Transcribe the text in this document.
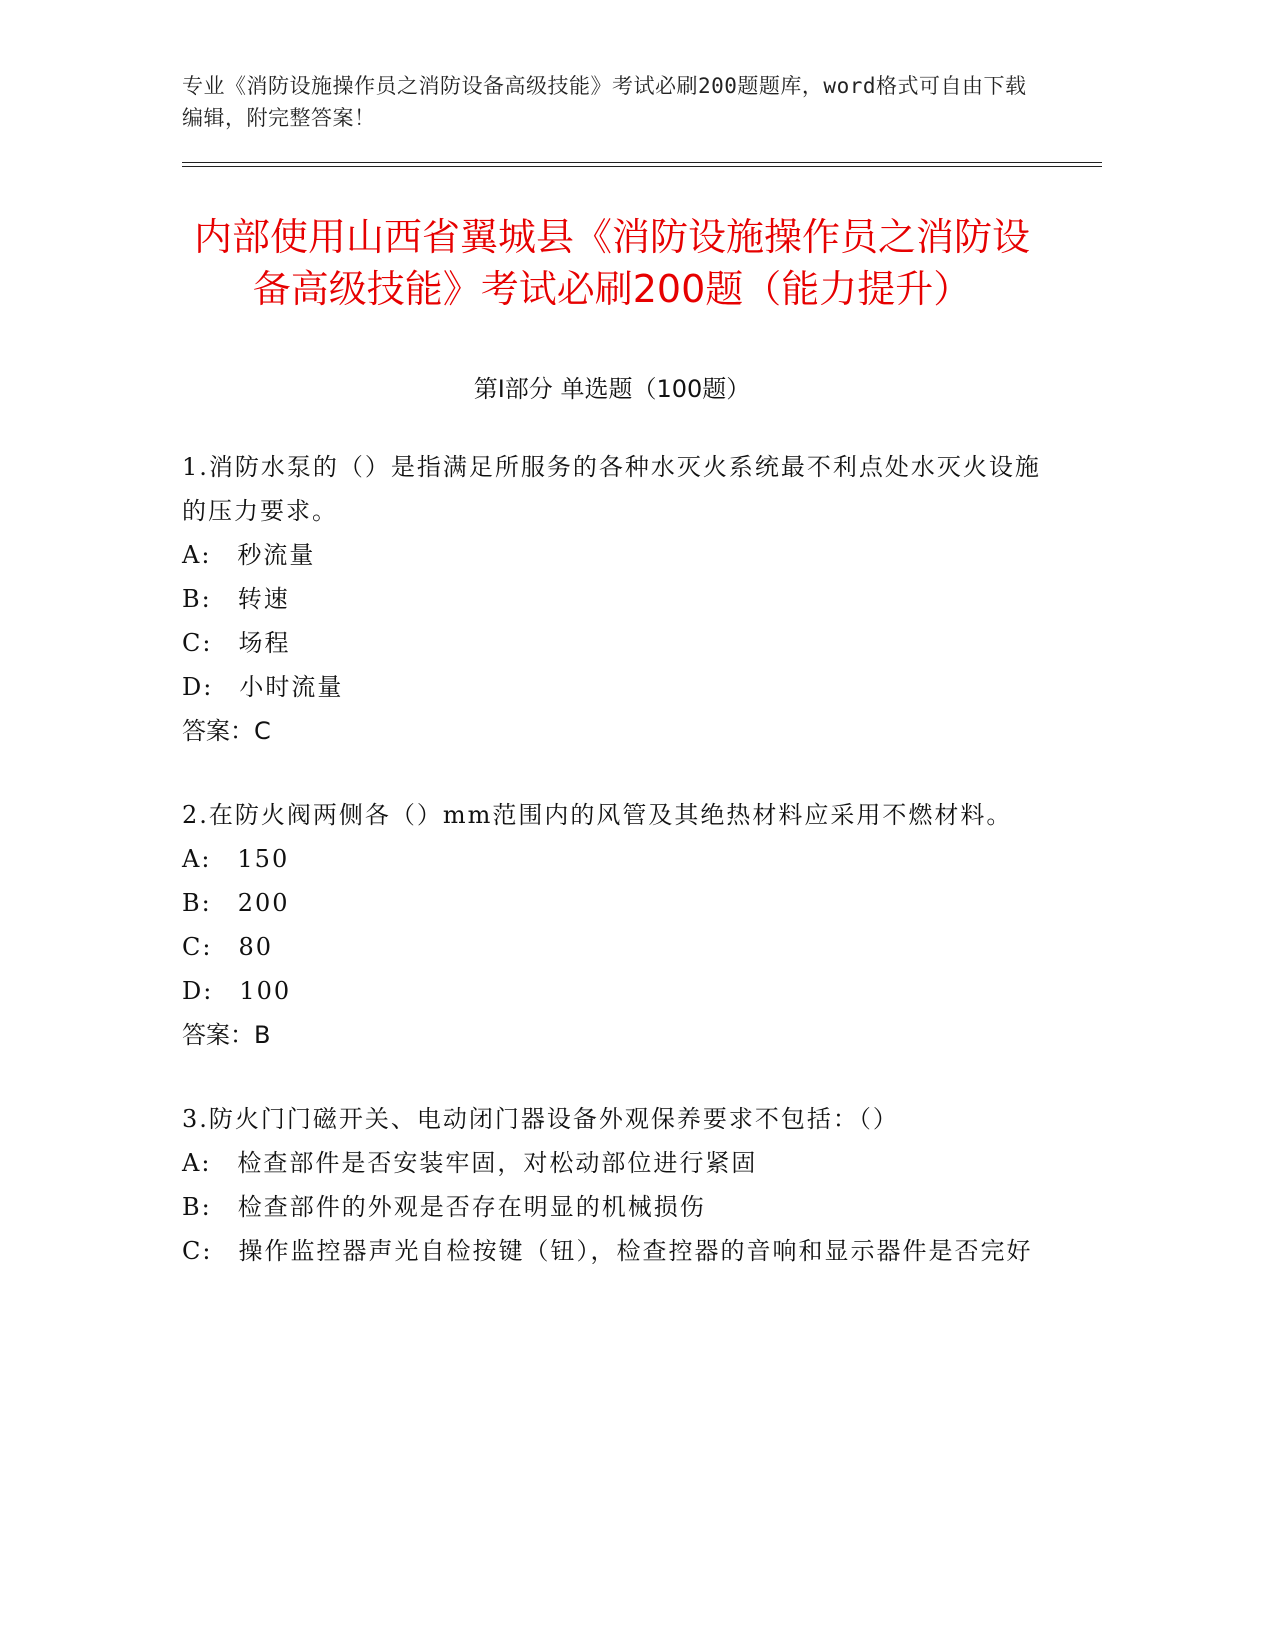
专业《消防设施操作员之消防设备高级技能》考试必刷200题题库，word格式可自由下载编辑，附完整答案！
内部使用山西省翼城县《消防设施操作员之消防设备高级技能》考试必刷200题（能力提升）
第Ⅰ部分 单选题（100题）
1.消防水泵的（）是指满足所服务的各种水灭火系统最不利点处水灭火设施的压力要求。
A:　秒流量
B:　转速
C:　场程
D:　小时流量
答案：C
2.在防火阀两侧各（）mm范围内的风管及其绝热材料应采用不燃材料。
A:　150
B:　200
C:　80
D:　100
答案：B
3.防火门门磁开关、电动闭门器设备外观保养要求不包括：（）
A:　检查部件是否安装牢固，对松动部位进行紧固
B:　检查部件的外观是否存在明显的机械损伤
C:　操作监控器声光自检按键（钮），检查控器的音响和显示器件是否完好
